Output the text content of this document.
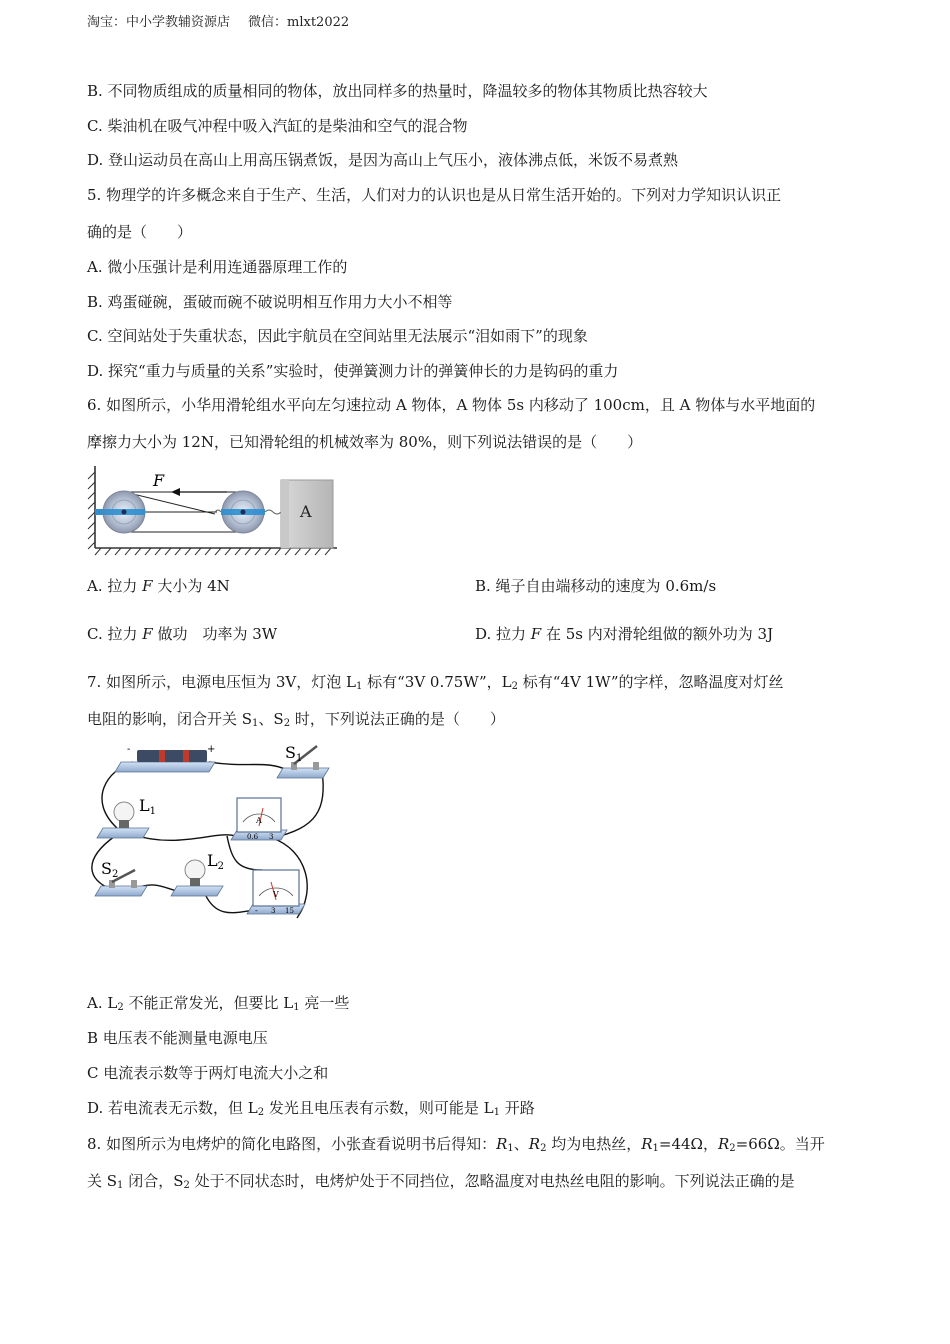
淘宝：中小学教辅资源店 微信：mlxt2022
B. 不同物质组成的质量相同的物体，放出同样多的热量时，降温较多的物体其物质比热容较大
C. 柴油机在吸气冲程中吸入汽缸的是柴油和空气的混合物
D. 登山运动员在高山上用高压锅煮饭，是因为高山上气压小，液体沸点低，米饭不易煮熟
5. 物理学的许多概念来自于生产、生活，人们对力的认识也是从日常生活开始的。下列对力学知识认识正
确的是（　　）
A. 微小压强计是利用连通器原理工作的
B. 鸡蛋碰碗，蛋破而碗不破说明相互作用力大小不相等
C. 空间站处于失重状态，因此宇航员在空间站里无法展示“泪如雨下”的现象
D. 探究“重力与质量的关系”实验时，使弹簧测力计的弹簧伸长的力是钩码的重力
6. 如图所示，小华用滑轮组水平向左匀速拉动 A 物体，A 物体 5s 内移动了 100cm，且 A 物体与水平地面的
摩擦力大小为 12N，已知滑轮组的机械效率为 80%，则下列说法错误的是（　　）
F
A
A. 拉力 F 大小为 4N	B. 绳子自由端移动的速度为 0.6m/s
C. 拉力 F 做功　功率为 3W	D. 拉力 F 在 5s 内对滑轮组做的额外功为 3J
7. 如图所示，电源电压恒为 3V，灯泡 $L_1$ 标有“3V 0.75W”，$L_2$ 标有“4V 1W”的字样，忽略温度对灯丝
电阻的影响，闭合开关 $S_1$、$S_2$ 时，下列说法正确的是（　　）
-	+	S1
L1
A
0.6 3
S2
L2
V
- 3 15
A. $L_2$ 不能正常发光，但要比 $L_1$ 亮一些
B 电压表不能测量电源电压
C 电流表示数等于两灯电流大小之和
D. 若电流表无示数，但 $L_2$ 发光且电压表有示数，则可能是 $L_1$ 开路
8. 如图所示为电烤炉的简化电路图，小张查看说明书后得知：$R_1$、$R_2$ 均为电热丝，$R_1=44\Omega$，$R_2=66\Omega$。当开
关 $S_1$ 闭合，$S_2$ 处于不同状态时，电烤炉处于不同挡位，忽略温度对电热丝电阻的影响。下列说法正确的是
